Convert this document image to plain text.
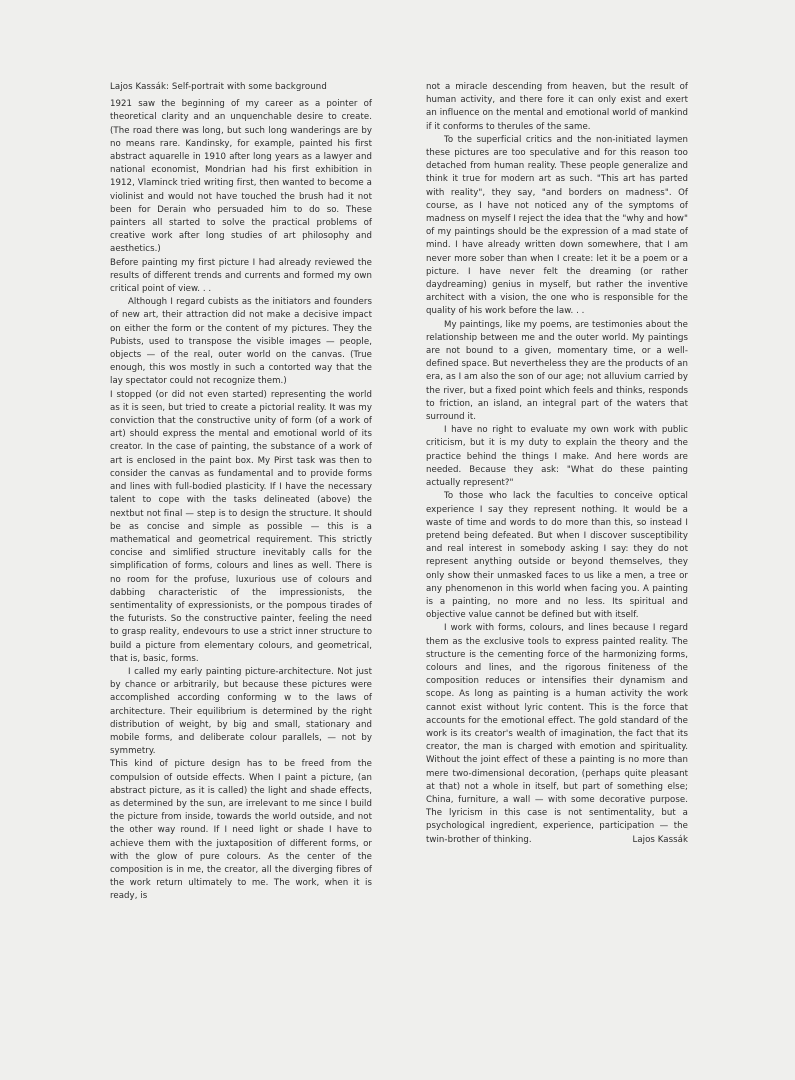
Lajos Kassák: Self-portrait with some background

1921 saw the beginning of my career as a pointer of theoretical clarity and an unquenchable desire to create. (The road there was long, but such long wanderings are by no means rare. Kandinsky, for example, painted his first abstract aquarelle in 1910 after long years as a lawyer and national economist, Mondrian had his first exhibition in 1912, Vlaminck tried writing first, then wanted to become a violinist and would not have touched the brush had it not been for Derain who persuaded him to do so. These painters all started to solve the practical problems of creative work after long studies of art philosophy and aesthetics.)

Before painting my first picture I had already reviewed the results of different trends and currents and formed my own critical point of view. . .

Although I regard cubists as the initiators and founders of new art, their attraction did not make a decisive impact on either the form or the content of my pictures. They the Pubists, used to transpose the visible images — people, objects — of the real, outer world on the canvas. (True enough, this wos mostly in such a contorted way that the lay spectator could not recognize them.)

I stopped (or did not even started) representing the world as it is seen, but tried to create a pictorial reality. It was my conviction that the constructive unity of form (of a work of art) should express the mental and emotional world of its creator. In the case of painting, the substance of a work of art is enclosed in the paint box. My Pirst task was then to consider the canvas as fundamental and to provide forms and lines with full-bodied plasticity. If I have the necessary talent to cope with the tasks delineated (above) the nextbut not final — step is to design the structure. It should be as concise and simple as possible — this is a mathematical and geometrical requirement. This strictly concise and simlified structure inevitably calls for the simplification of forms, colours and lines as well. There is no room for the profuse, luxurious use of colours and dabbing characteristic of the impressionists, the sentimentality of expressionists, or the pompous tirades of the futurists. So the constructive painter, feeling the need to grasp reality, endevours to use a strict inner structure to build a picture from elementary colours, and geometrical, that is, basic, forms.

I called my early painting picture-architecture. Not just by chance or arbitrarily, but because these pictures were accomplished according conforming w to the laws of architecture. Their equilibrium is determined by the right distribution of weight, by big and small, stationary and mobile forms, and deliberate colour parallels, — not by symmetry.

This kind of picture design has to be freed from the compulsion of outside effects. When I paint a picture, (an abstract picture, as it is called) the light and shade effects, as determined by the sun, are irrelevant to me since I build the picture from inside, towards the world outside, and not the other way round. If I need light or shade I have to achieve them with the juxtaposition of different forms, or with the glow of pure colours. As the center of the composition is in me, the creator, all the diverging fibres of the work return ultimately to me. The work, when it is ready, is

not a miracle descending from heaven, but the result of human activity, and there fore it can only exist and exert an influence on the mental and emotional world of mankind if it conforms to therules of the same.

To the superficial critics and the non-initiated laymen these pictures are too speculative and for this reason too detached from human reality. These people generalize and think it true for modern art as such. "This art has parted with reality", they say, "and borders on madness". Of course, as I have not noticed any of the symptoms of madness on myself I reject the idea that the "why and how" of my paintings should be the expression of a mad state of mind. I have already written down somewhere, that I am never more sober than when I create: let it be a poem or a picture. I have never felt the dreaming (or rather daydreaming) genius in myself, but rather the inventive architect with a vision, the one who is responsible for the quality of his work before the law. . .

My paintings, like my poems, are testimonies about the relationship between me and the outer world. My paintings are not bound to a given, momentary time, or a well-defined space. But nevertheless they are the products of an era, as I am also the son of our age; not alluvium carried by the river, but a fixed point which feels and thinks, responds to friction, an island, an integral part of the waters that surround it.

I have no right to evaluate my own work with public criticism, but it is my duty to explain the theory and the practice behind the things I make. And here words are needed. Because they ask: "What do these painting actually represent?"

To those who lack the faculties to conceive optical experience I say they represent nothing. It would be a waste of time and words to do more than this, so instead I pretend being defeated. But when I discover susceptibility and real interest in somebody asking I say: they do not represent anything outside or beyond themselves, they only show their unmasked faces to us like a men, a tree or any phenomenon in this world when facing you. A painting is a painting, no more and no less. Its spiritual and objective value cannot be defined but with itself.

I work with forms, colours, and lines because I regard them as the exclusive tools to express painted reality. The structure is the cementing force of the harmonizing forms, colours and lines, and the rigorous finiteness of the composition reduces or intensifies their dynamism and scope. As long as painting is a human activity the work cannot exist without lyric content. This is the force that accounts for the emotional effect. The gold standard of the work is its creator's wealth of imagination, the fact that its creator, the man is charged with emotion and spirituality. Without the joint effect of these a painting is no more than mere two-dimensional decoration, (perhaps quite pleasant at that) not a whole in itself, but part of something else; China, furniture, a wall — with some decorative purpose. The lyricism in this case is not sentimentality, but a psychological ingredient, experience, participation — the twin-brother of thinking.	Lajos Kassák
